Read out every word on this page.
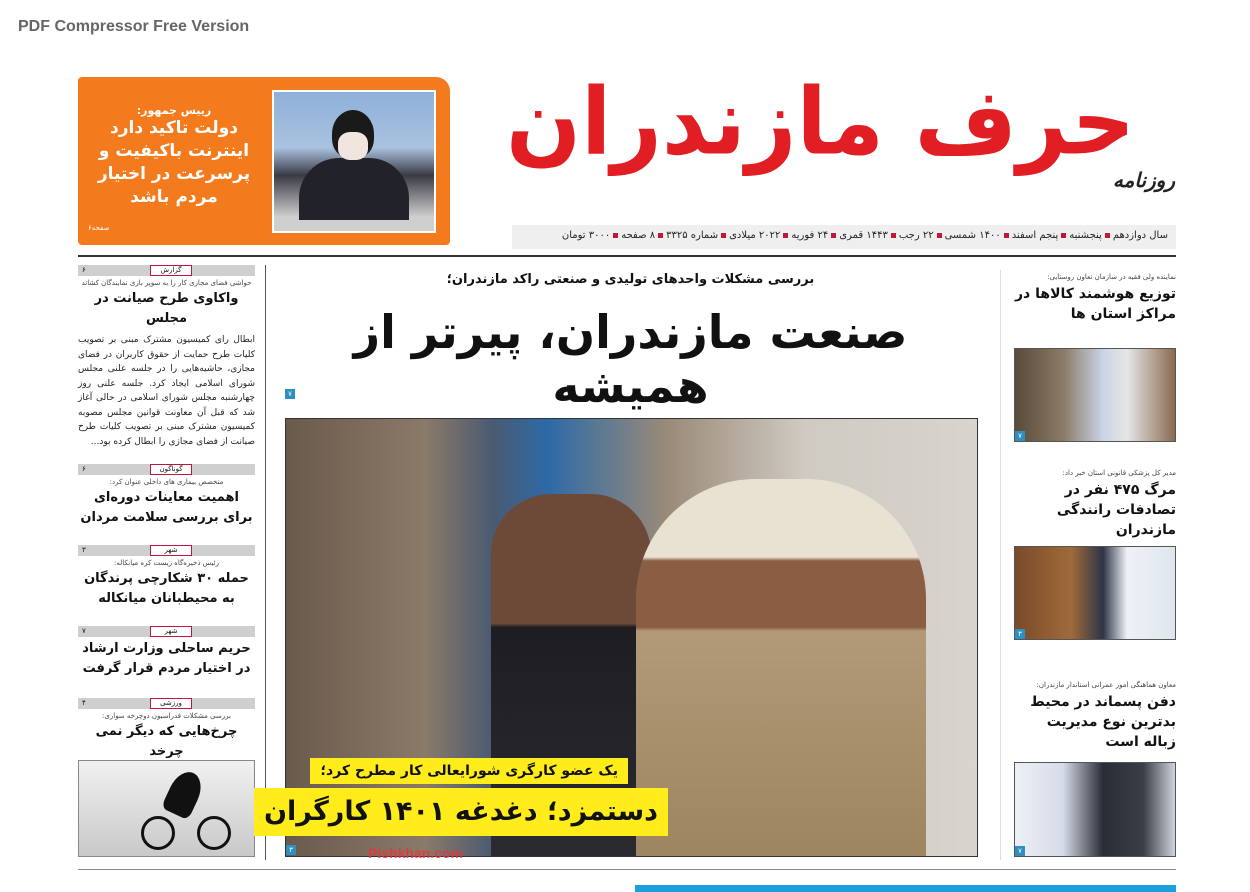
PDF Compressor Free Version
رییس جمهور:
دولت تاکید دارد اینترنت باکیفیت و پرسرعت در اختیار مردم باشد
صفحه۶
حرف مازندران
روزنامه
سال دوازدهمپنجشنبهپنجم اسفند۱۴۰۰ شمسی۲۲ رجب۱۴۴۳ قمری۲۴ فوریه۲۰۲۲ میلادیشماره ۳۳۲۵۸ صفحه۳۰۰۰ تومان
گزارش
۶
حواشی فضای مجازی کار را به سوپر بازی نمایندگان کشاند
واکاوی طرح صیانت در مجلس
ابطال رای کمیسیون مشترک مبنی بر تصویب کلیات طرح حمایت از حقوق کاربران در فضای مجازی، حاشیه‌هایی را در جلسه علنی مجلس شورای اسلامی ایجاد کرد. جلسه علنی روز چهارشنبه مجلس شورای اسلامی در حالی آغاز شد که قبل آن معاونت قوانین مجلس مصوبه کمیسیون مشترک مبنی بر تصویب کلیات طرح صیانت از فضای مجازی را ابطال کرده بود...
گوناگون
۶
متخصص بیماری های داخلی عنوان کرد:
اهمیت معاینات دوره‌ای برای بررسی سلامت مردان
شهر
۳
رئیس ذخیره‌گاه زیست کره میانکاله:
حمله ۳۰ شکارچی پرندگان به محیطبانان میانکاله
شهر
۷
حریم ساحلی وزارت ارشاد در اختیار مردم قرار گرفت
ورزشی
۴
بررسی مشکلات فدراسیون دوچرخه سواری:
چرخ‌هایی که دیگر نمی چرخد
بررسی مشکلات واحدهای تولیدی و صنعتی راکد مازندران؛
صنعت مازندران، پیرتر از همیشه
۷
دستمزد؛ دغدغه ۱۴۰۱ کارگران
یک عضو کارگری شورایعالی کار مطرح کرد؛
۳	Pishkhan.com
نماینده ولی فقیه در سازمان تعاون روستایی:
توزیع هوشمند کالاها در مراکز استان ها
۷
مدیر کل پزشکی قانونی استان خبر داد:
مرگ ۴۷۵ نفر در تصادفات رانندگی مازندران
۳
معاون هماهنگی امور عمرانی استاندار مازندران:
دفن پسماند در محیط بدترین نوع مدیریت زباله است
۷
